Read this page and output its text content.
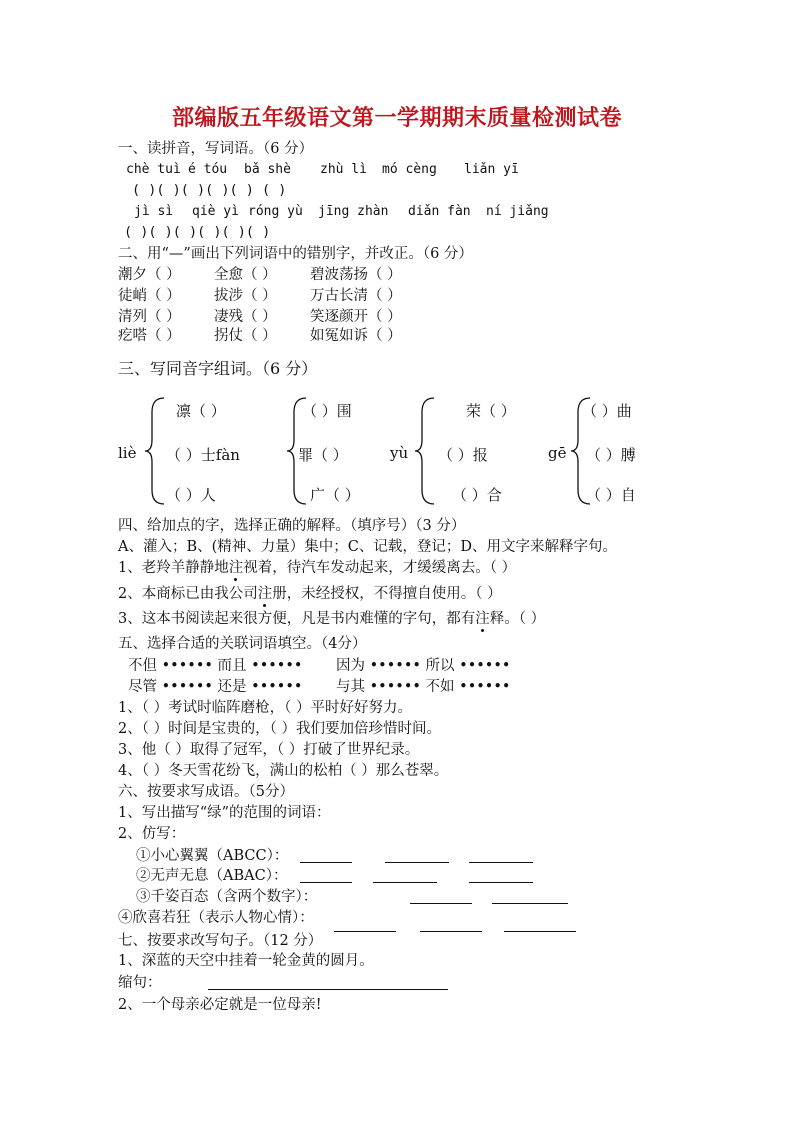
部编版五年级语文第一学期期末质量检测试卷
一、读拼音，写词语。（6 分）
chè tuì é tóu bǎ shè zhù lì mó cèng liǎn yī
( )( )( )( )( ) ( )
jì sì qiè yì róng yù jīng zhàn diǎn fàn ní jiǎng
( )( )( )( )( )( )
二、用“—”画出下列词语中的错别字，并改正。（6 分）
潮夕（ ） 全愈（ ） 碧波荡扬（ ）
徒峭（ ） 拔涉（ ） 万古长清（ ）
清列（ ） 凄残（ ） 笑逐颜开（ ）
疙嗒（ ） 拐仗（ ） 如冤如诉（ ）
三、写同音字组词。（6 分）
liè
凛（ ）
（ ）士fàn
（ ）人
（ ）围
罪（ ）
广（ ）
yù
荣（ ）
（ ）报
（ ）合
gē
（ ）曲
（ ）膊
（ ）自
四、给加点的字，选择正确的解释。（填序号）（3 分）
A、灌入；B、(精神、力量）集中；C、记载，登记；D、用文字来解释字句。
1、老羚羊静静地注视着，待汽车发动起来，才缓缓离去。（ ）
2、本商标已由我公司注册，未经授权，不得擅自使用。（ ）
3、这本书阅读起来很方便，凡是书内难懂的字句，都有注释。（ ）
五、选择合适的关联词语填空。（4分）
不但 •••••• 而且 •••••• 因为 •••••• 所以 ••••••
尽管 •••••• 还是 •••••• 与其 •••••• 不如 ••••••
1、（ ）考试时临阵磨枪，（ ）平时好好努力。
2、（ ）时间是宝贵的，（ ）我们要加倍珍惜时间。
3、他（ ）取得了冠军，（ ）打破了世界纪录。
4、（ ）冬天雪花纷飞，满山的松柏（ ）那么苍翠。
六、按要求写成语。（5分）
1、写出描写“绿”的范围的词语：
2、仿写：
①小心翼翼（ABCC）：
②无声无息（ABAC）：
③千姿百态（含两个数字）：
④欣喜若狂（表示人物心情）：
七、按要求改写句子。（12 分）
1、深蓝的天空中挂着一轮金黄的圆月。
缩句：
2、一个母亲必定就是一位母亲!
